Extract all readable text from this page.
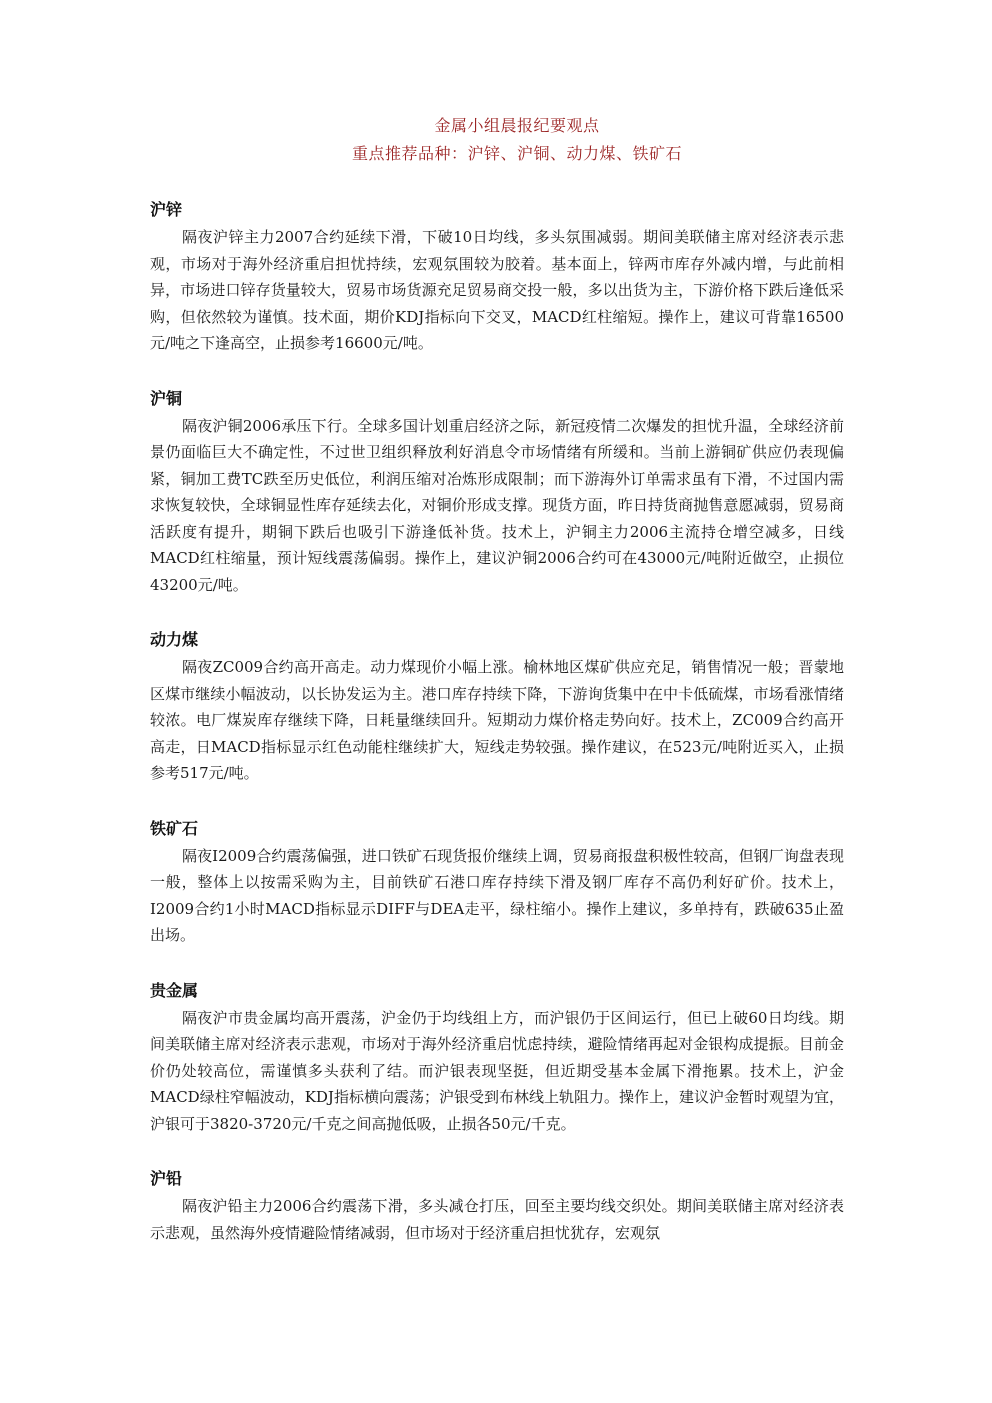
金属小组晨报纪要观点
重点推荐品种：沪锌、沪铜、动力煤、铁矿石
沪锌

隔夜沪锌主力2007合约延续下滑，下破10日均线，多头氛围减弱。期间美联储主席对经济表示悲观，市场对于海外经济重启担忧持续，宏观氛围较为胶着。基本面上，锌两市库存外减内增，与此前相异，市场进口锌存货量较大，贸易市场货源充足贸易商交投一般，多以出货为主，下游价格下跌后逢低采购，但依然较为谨慎。技术面，期价KDJ指标向下交叉，MACD红柱缩短。操作上，建议可背靠16500元/吨之下逢高空，止损参考16600元/吨。

沪铜

隔夜沪铜2006承压下行。全球多国计划重启经济之际，新冠疫情二次爆发的担忧升温，全球经济前景仍面临巨大不确定性，不过世卫组织释放利好消息令市场情绪有所缓和。当前上游铜矿供应仍表现偏紧，铜加工费TC跌至历史低位，利润压缩对冶炼形成限制；而下游海外订单需求虽有下滑，不过国内需求恢复较快，全球铜显性库存延续去化，对铜价形成支撑。现货方面，昨日持货商抛售意愿减弱，贸易商活跃度有提升，期铜下跌后也吸引下游逢低补货。技术上，沪铜主力2006主流持仓增空减多，日线MACD红柱缩量，预计短线震荡偏弱。操作上，建议沪铜2006合约可在43000元/吨附近做空，止损位43200元/吨。

动力煤

隔夜ZC009合约高开高走。动力煤现价小幅上涨。榆林地区煤矿供应充足，销售情况一般；晋蒙地区煤市继续小幅波动，以长协发运为主。港口库存持续下降，下游询货集中在中卡低硫煤，市场看涨情绪较浓。电厂煤炭库存继续下降，日耗量继续回升。短期动力煤价格走势向好。技术上，ZC009合约高开高走，日MACD指标显示红色动能柱继续扩大，短线走势较强。操作建议，在523元/吨附近买入，止损参考517元/吨。

铁矿石

隔夜I2009合约震荡偏强，进口铁矿石现货报价继续上调，贸易商报盘积极性较高，但钢厂询盘表现一般，整体上以按需采购为主，目前铁矿石港口库存持续下滑及钢厂库存不高仍利好矿价。技术上，I2009合约1小时MACD指标显示DIFF与DEA走平，绿柱缩小。操作上建议，多单持有，跌破635止盈出场。

贵金属

隔夜沪市贵金属均高开震荡，沪金仍于均线组上方，而沪银仍于区间运行，但已上破60日均线。期间美联储主席对经济表示悲观，市场对于海外经济重启忧虑持续，避险情绪再起对金银构成提振。目前金价仍处较高位，需谨慎多头获利了结。而沪银表现坚挺，但近期受基本金属下滑拖累。技术上，沪金MACD绿柱窄幅波动，KDJ指标横向震荡；沪银受到布林线上轨阻力。操作上，建议沪金暂时观望为宜，沪银可于3820-3720元/千克之间高抛低吸，止损各50元/千克。

沪铅

隔夜沪铅主力2006合约震荡下滑，多头减仓打压，回至主要均线交织处。期间美联储主席对经济表示悲观，虽然海外疫情避险情绪减弱，但市场对于经济重启担忧犹存，宏观氛
